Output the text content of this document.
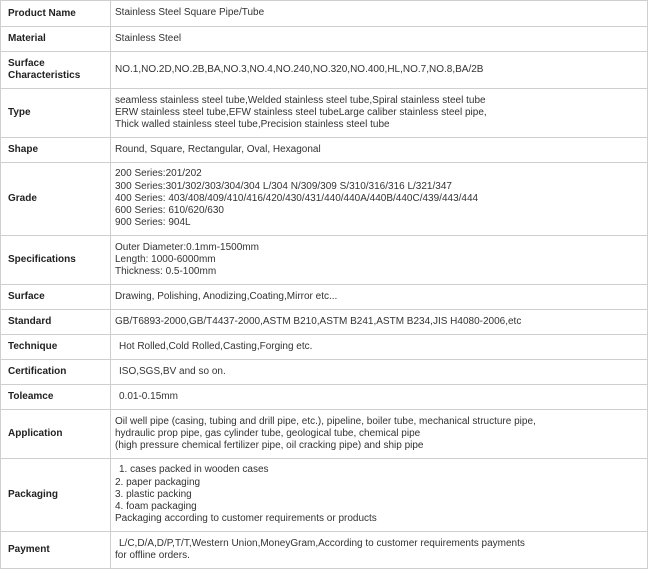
Product Name	Stainless Steel Square Pipe/Tube

Material	Stainless Steel

Surface
Characteristics	NO.1,NO.2D,NO.2B,BA,NO.3,NO.4,NO.240,NO.320,NO.400,HL,NO.7,NO.8,BA/2B

Type	seamless stainless steel tube,Welded stainless steel tube,Spiral stainless steel tube
ERW stainless steel tube,EFW stainless steel tubeLarge caliber stainless steel pipe,
Thick walled stainless steel tube,Precision stainless steel tube

Shape	Round, Square, Rectangular, Oval, Hexagonal

Grade	200 Series:201/202
300 Series:301/302/303/304/304 L/304 N/309/309 S/310/316/316 L/321/347
400 Series: 403/408/409/410/416/420/430/431/440/440A/440B/440C/439/443/444
600 Series: 610/620/630
900 Series: 904L

Specifications	Outer Diameter:0.1mm-1500mm
Length: 1000-6000mm
Thickness: 0.5-100mm

Surface	Drawing, Polishing, Anodizing,Coating,Mirror etc...

Standard	GB/T6893-2000,GB/T4437-2000,ASTM B210,ASTM B241,ASTM B234,JIS H4080-2006,etc

Technique	Hot Rolled,Cold Rolled,Casting,Forging etc.

Certification	ISO,SGS,BV and so on.

Toleamce	0.01-0.15mm

Application	Oil well pipe (casing, tubing and drill pipe, etc.), pipeline, boiler tube, mechanical structure pipe,
hydraulic prop pipe, gas cylinder tube, geological tube, chemical pipe
(high pressure chemical fertilizer pipe, oil cracking pipe) and ship pipe

Packaging	1. cases packed in wooden cases
2. paper packaging
3. plastic packing
4. foam packaging
Packaging according to customer requirements or products

Payment	L/C,D/A,D/P,T/T,Western Union,MoneyGram,According to customer requirements payments
for offline orders.
